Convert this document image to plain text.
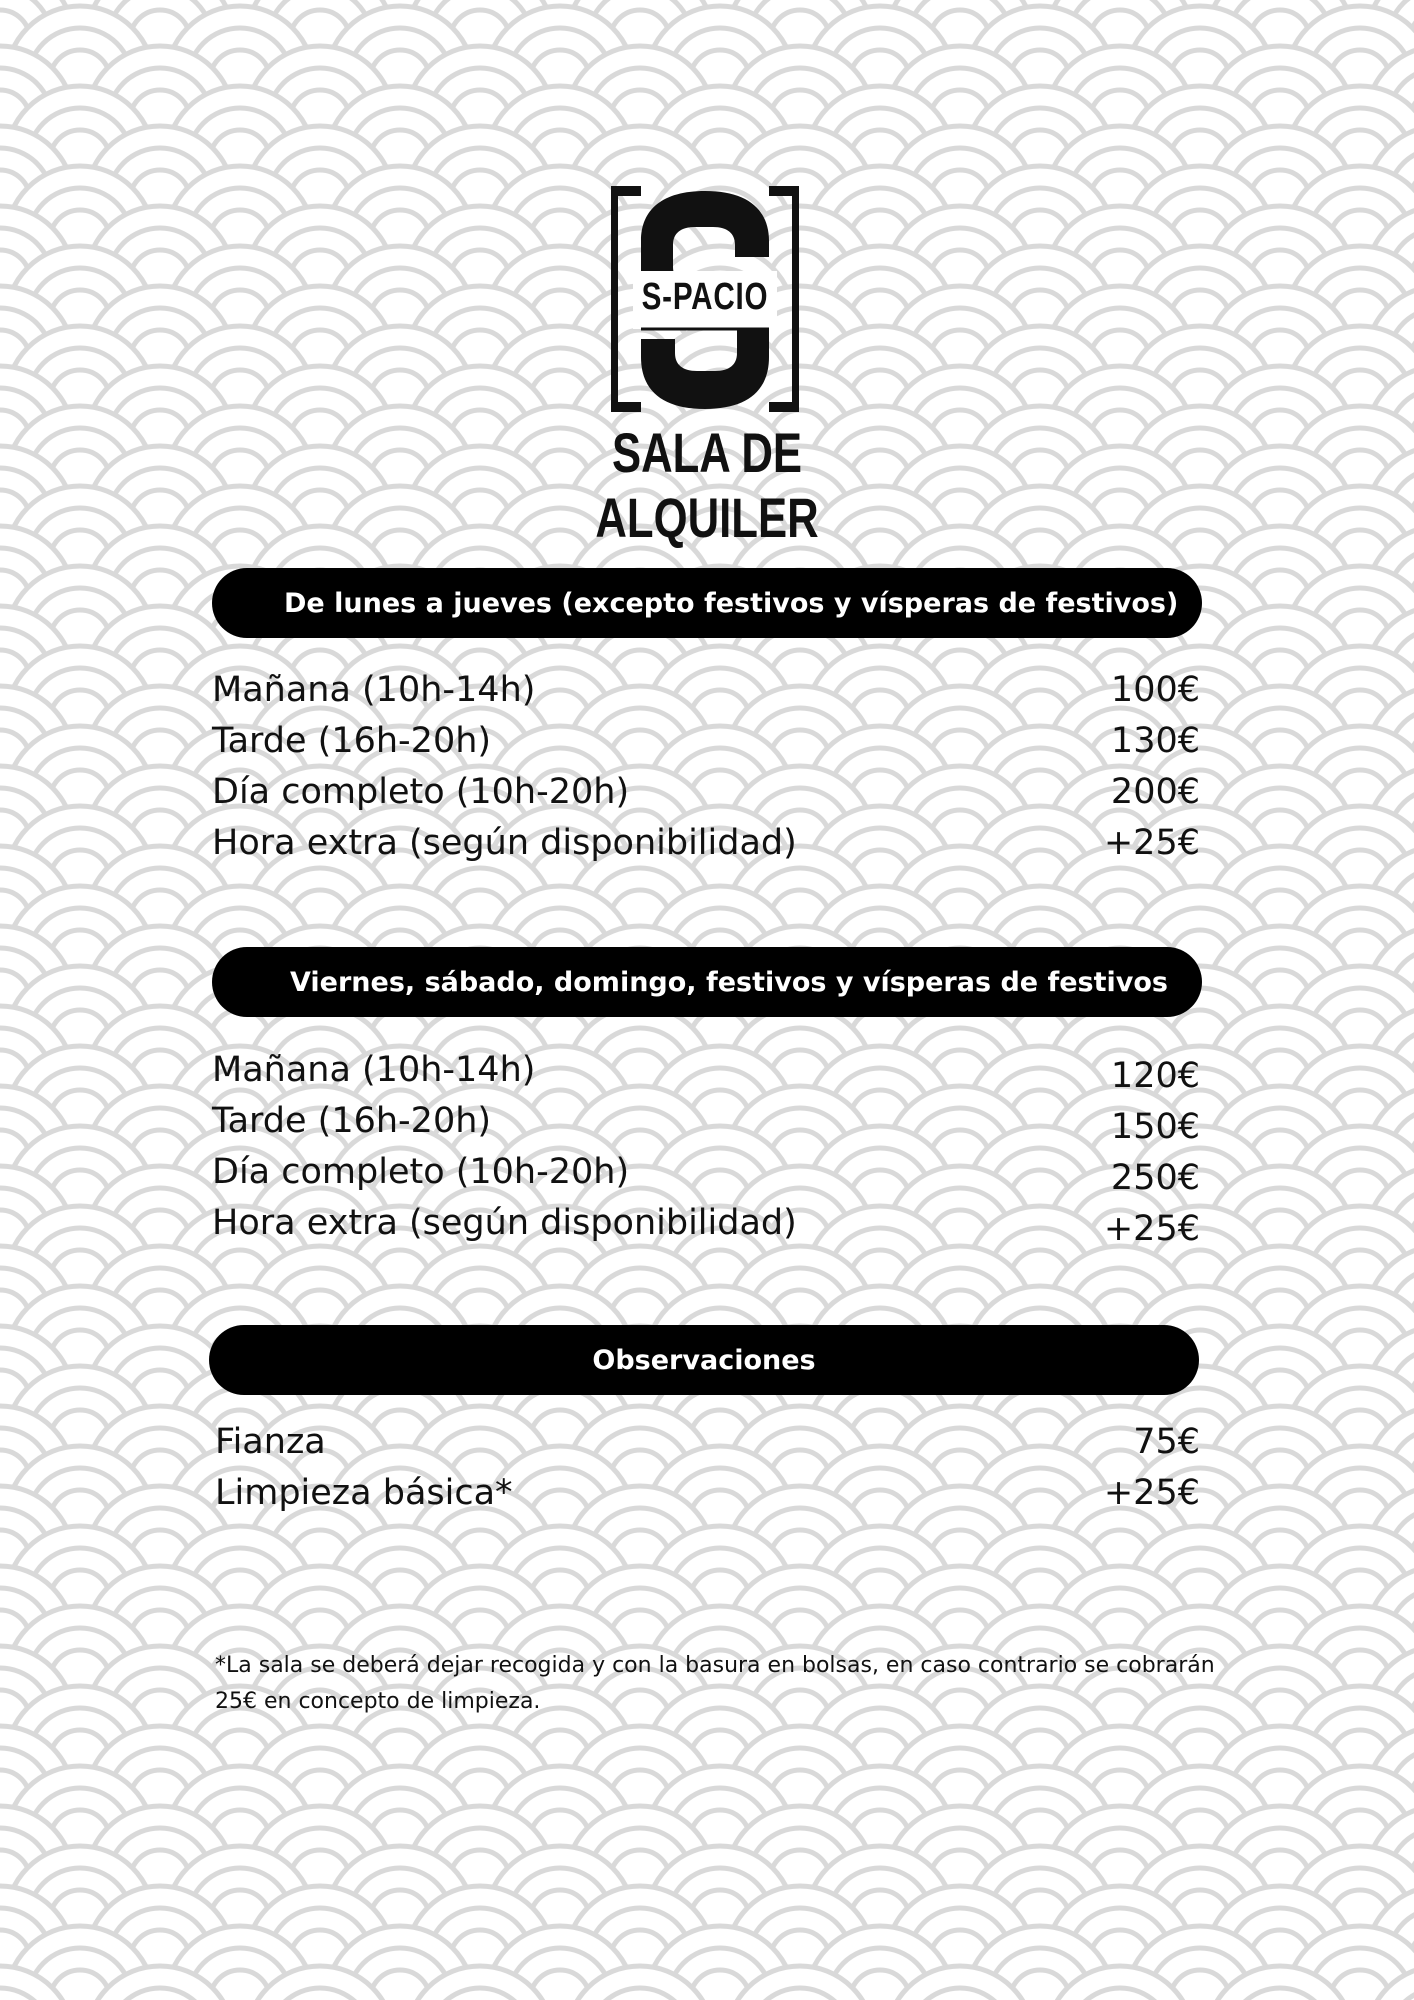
S-PACIO
SALA DE ALQUILER
De lunes a jueves (excepto festivos y vísperas de festivos)
Mañana (10h-14h)	100€
Tarde (16h-20h)	130€
Día completo (10h-20h)	200€
Hora extra (según disponibilidad)	+25€
Viernes, sábado, domingo, festivos y vísperas de festivos
Mañana (10h-14h)	120€
Tarde (16h-20h)	150€
Día completo (10h-20h)	250€
Hora extra (según disponibilidad)	+25€
Observaciones
Fianza	75€
Limpieza básica*	+25€
*La sala se deberá dejar recogida y con la basura en bolsas, en caso contrario se cobrarán 25€ en concepto de limpieza.
